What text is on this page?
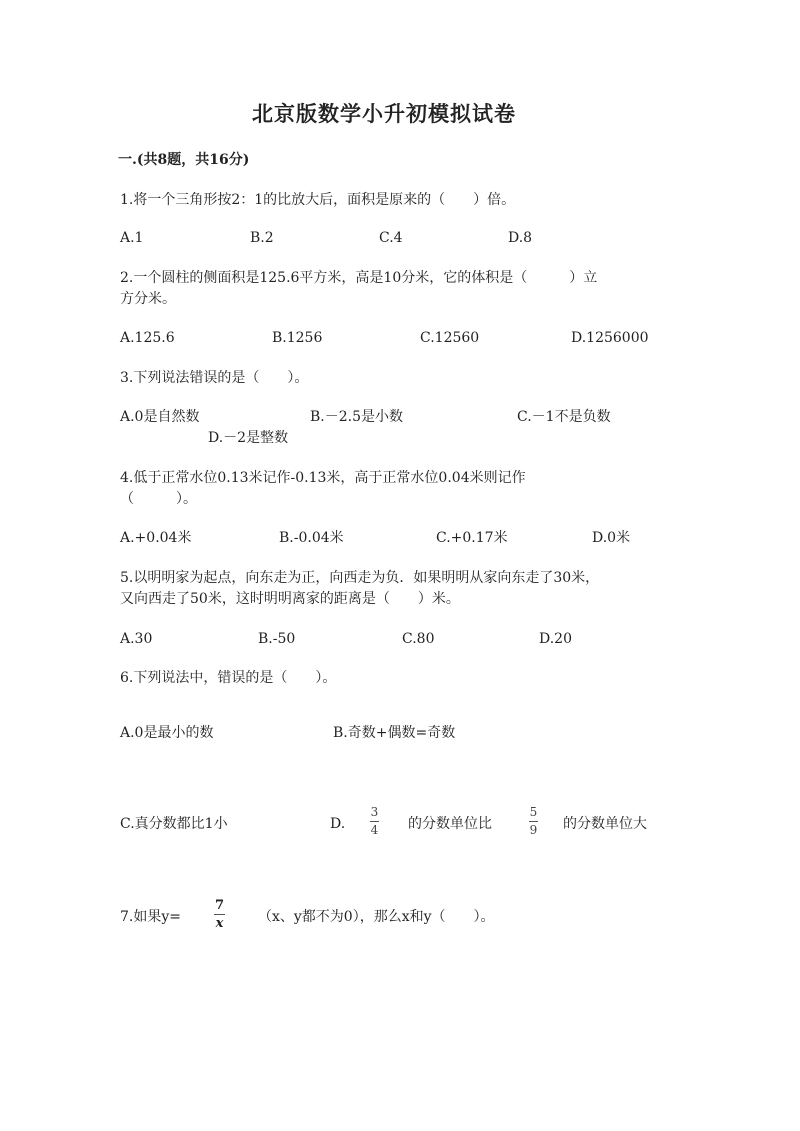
北京版数学小升初模拟试卷
一.(共8题，共16分)
1.将一个三角形按2：1的比放大后，面积是原来的（　　）倍。
A.1	B.2	C.4	D.8
2.一个圆柱的侧面积是125.6平方米，高是10分米，它的体积是（　　　）立
方分米。
A.125.6	B.1256	C.12560	D.1256000
3.下列说法错误的是（　　）。
A.0是自然数	B.－2.5是小数	C.－1不是负数
D.－2是整数
4.低于正常水位0.13米记作-0.13米，高于正常水位0.04米则记作
（　　　）。
A.+0.04米	B.-0.04米	C.+0.17米	D.0米
5.以明明家为起点，向东走为正，向西走为负．如果明明从家向东走了30米，
又向西走了50米，这时明明离家的距离是（　　）米。
A.30	B.-50	C.80	D.20
6.下列说法中，错误的是（　　）。
A.0是最小的数	B.奇数+偶数=奇数
C.真分数都比1小	D.
3
4 的分数单位比
5
9 的分数单位大
7.如果y=
7
x （x、y都不为0），那么x和y（　　）。
